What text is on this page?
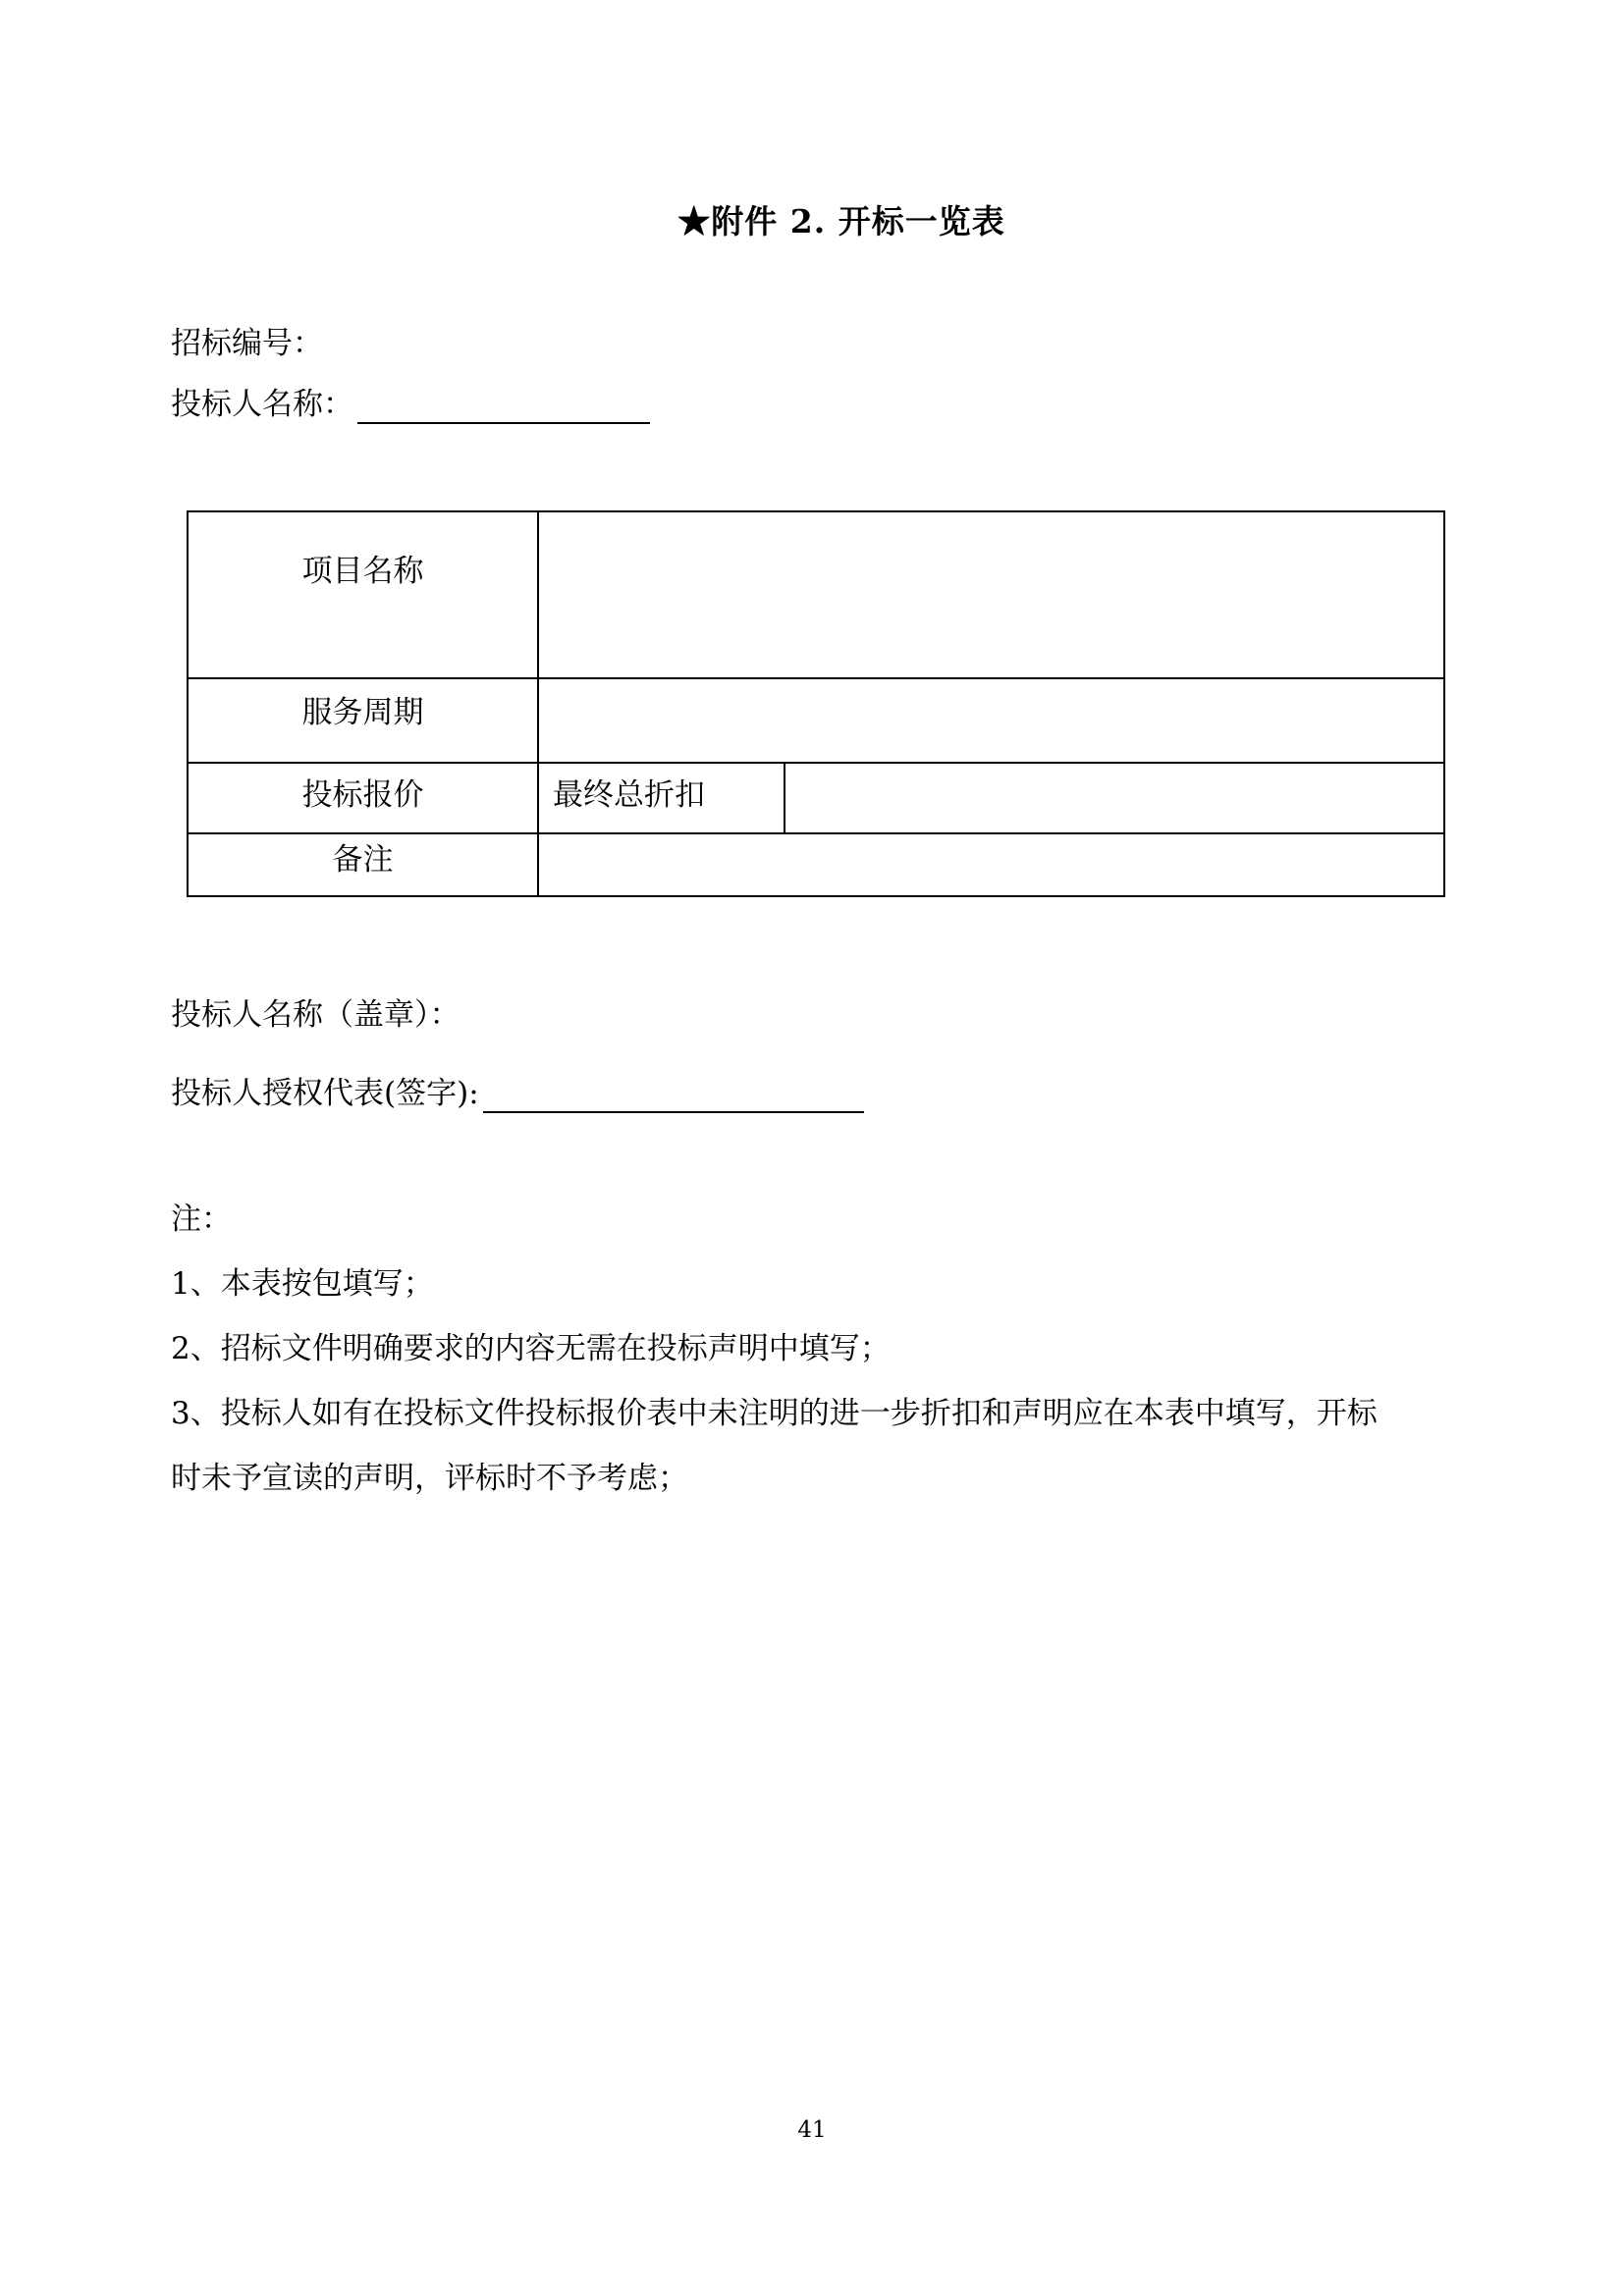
★附件 2. 开标一览表
招标编号：
投标人名称：
项目名称		
服务周期		
投标报价	最终总折扣	
备注		
投标人名称（盖章）：
投标人授权代表(签字):
注：
1、本表按包填写；
2、招标文件明确要求的内容无需在投标声明中填写；
3、投标人如有在投标文件投标报价表中未注明的进一步折扣和声明应在本表中填写，开标
时未予宣读的声明，评标时不予考虑；
41
